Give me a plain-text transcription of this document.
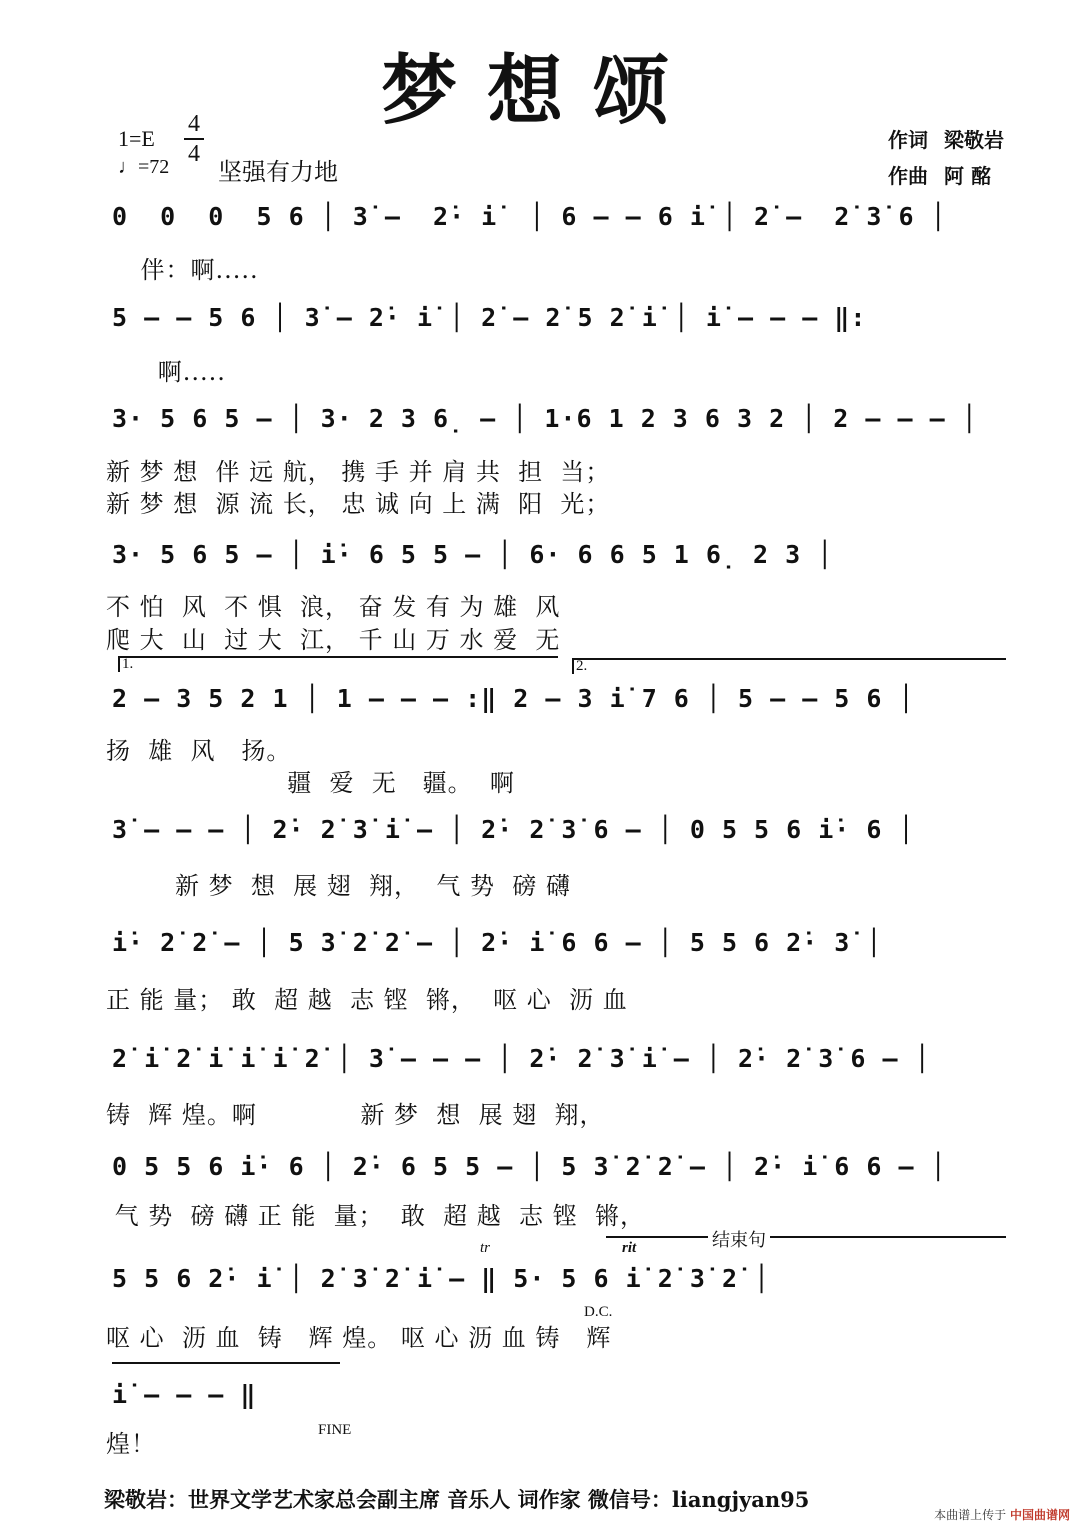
梦想颂
1=E
4
4
♩=72 坚强有力地
作词 梁敬岩
作曲 阿 酩
0  0  0  5 6 │ 3̇ –  2̇· i̇  │ 6 – – 6 i̇ │ 2̇ –  2̇ 3̇ 6 │
伴：啊.....
5 – – 5 6 │ 3̇ – 2̇· i̇ │ 2̇ – 2̇ 5 2̇ i̇ │ i̇ – – – ‖:
啊.....
3· 5 6 5 – │ 3· 2 3 6̣ – │ 1·6 1 2 3 6 3 2 │ 2 – – – │
新 梦 想  伴 远 航， 携 手 并 肩 共  担  当；
新 梦 想  源 流 长， 忠 诚 向 上 满  阳  光；
3· 5 6 5 – │ i̇· 6 5 5 – │ 6· 6 6 5 1 6̣ 2 3 │
不 怕  风  不 惧  浪， 奋 发 有 为 雄  风
爬 大  山  过 大  江， 千 山 万 水 爱  无
1.	2.
2 – 3 5 2 1 │ 1 – – – :‖ 2 – 3 i̇ 7 6 │ 5 – – 5 6 │
扬  雄  风   扬。
疆  爱  无   疆。  啊
3̇ – – – │ 2̇· 2̇ 3̇ i̇ – │ 2̇· 2̇ 3̇ 6 – │ 0 5 5 6 i̇· 6 │
新 梦  想  展 翅  翔，  气 势  磅 礴
i̇· 2̇ 2̇ – │ 5 3̇ 2̇ 2̇ – │ 2̇· i̇ 6 6 – │ 5 5 6 2̇· 3̇ │
正 能 量； 敢  超 越  志 铿  锵，  呕 心  沥 血
2̇ i̇ 2̇ i̇ i̇ i̇ 2̇ │ 3̇ – – – │ 2̇· 2̇ 3̇ i̇ – │ 2̇· 2̇ 3̇ 6 – │
铸  辉 煌。啊            新 梦  想  展 翅  翔，
0 5 5 6 i̇· 6 │ 2̇· 6 5 5 – │ 5 3̇ 2̇ 2̇ – │ 2̇· i̇ 6 6 – │
气 势  磅 礴 正 能  量；  敢  超 越  志 铿  锵，
rit	结束句
tr
5 5 6 2̇· i̇ │ 2̇ 3̇ 2̇ i̇ – ‖ 5· 5 6 i̇ 2̇ 3̇ 2̇ │
D.C.
呕 心  沥 血  铸   辉 煌。 呕 心 沥 血 铸   辉
i̇ – – – ‖
FINE
煌！
梁敬岩：世界文学艺术家总会副主席 音乐人 词作家 微信号：liangjyan95
本曲谱上传于 中国曲谱网
